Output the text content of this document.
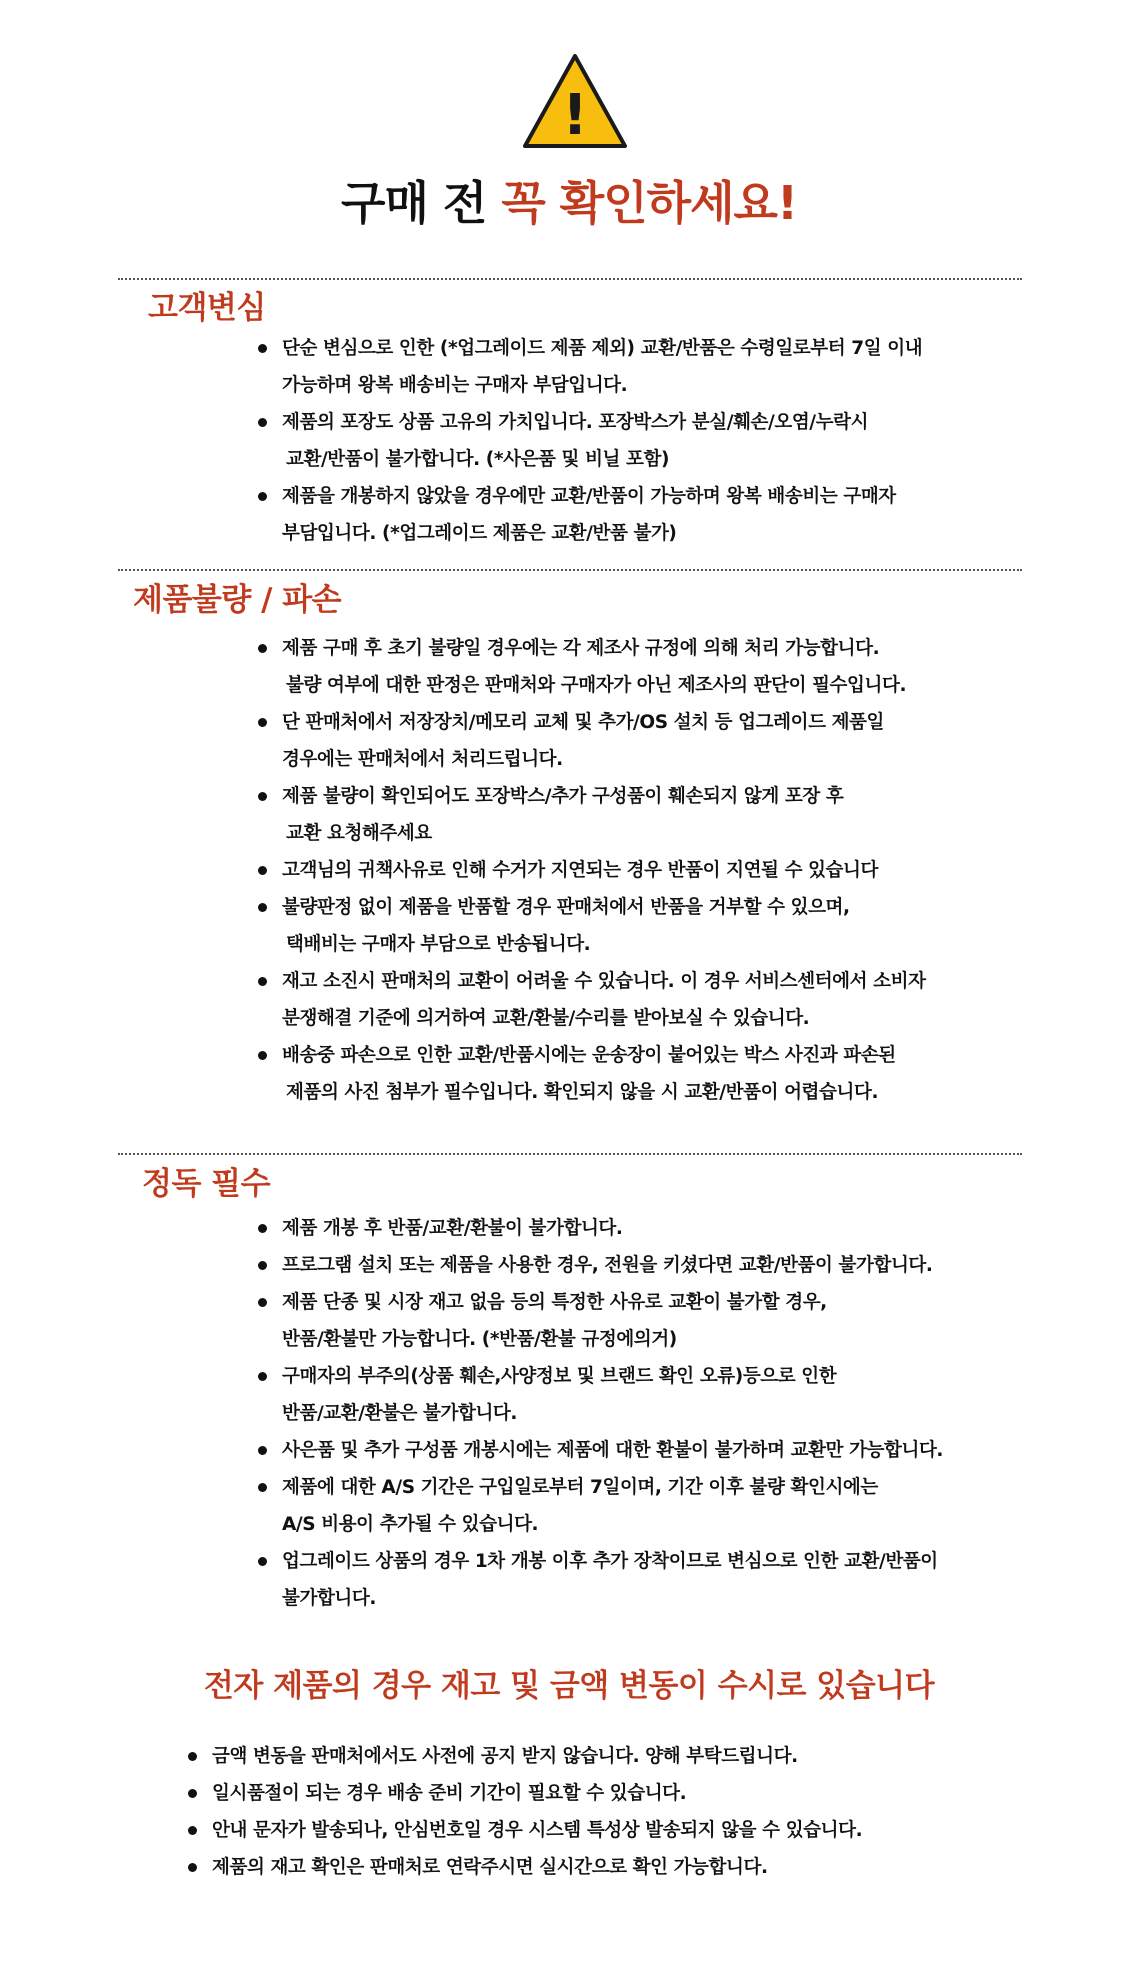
!
구매 전 꼭 확인하세요!
고객변심
단순 변심으로 인한 (*업그레이드 제품 제외) 교환/반품은 수령일로부터 7일 이내
가능하며 왕복 배송비는 구매자 부담입니다.
제품의 포장도 상품 고유의 가치입니다. 포장박스가 분실/훼손/오염/누락시
교환/반품이 불가합니다. (*사은품 및 비닐 포함)
제품을 개봉하지 않았을 경우에만 교환/반품이 가능하며 왕복 배송비는 구매자
부담입니다. (*업그레이드 제품은 교환/반품 불가)
제품불량 / 파손
제품 구매 후 초기 불량일 경우에는 각 제조사 규정에 의해 처리 가능합니다.
불량 여부에 대한 판정은 판매처와 구매자가 아닌 제조사의 판단이 필수입니다.
단 판매처에서 저장장치/메모리 교체 및 추가/OS 설치 등 업그레이드 제품일
경우에는 판매처에서 처리드립니다.
제품 불량이 확인되어도 포장박스/추가 구성품이 훼손되지 않게 포장 후
교환 요청해주세요
고객님의 귀책사유로 인해 수거가 지연되는 경우 반품이 지연될 수 있습니다
불량판정 없이 제품을 반품할 경우 판매처에서 반품을 거부할 수 있으며,
택배비는 구매자 부담으로 반송됩니다.
재고 소진시 판매처의 교환이 어려울 수 있습니다. 이 경우 서비스센터에서 소비자
분쟁해결 기준에 의거하여 교환/환불/수리를 받아보실 수 있습니다.
배송중 파손으로 인한 교환/반품시에는 운송장이 붙어있는 박스 사진과 파손된
제품의 사진 첨부가 필수입니다. 확인되지 않을 시 교환/반품이 어렵습니다.
정독 필수
제품 개봉 후 반품/교환/환불이 불가합니다.
프로그램 설치 또는 제품을 사용한 경우, 전원을 키셨다면 교환/반품이 불가합니다.
제품 단종 및 시장 재고 없음 등의 특정한 사유로 교환이 불가할 경우,
반품/환불만 가능합니다. (*반품/환불 규정에의거)
구매자의 부주의(상품 훼손,사양정보 및 브랜드 확인 오류)등으로 인한
반품/교환/환불은 불가합니다.
사은품 및 추가 구성품 개봉시에는 제품에 대한 환불이 불가하며 교환만 가능합니다.
제품에 대한 A/S 기간은 구입일로부터 7일이며, 기간 이후 불량 확인시에는
A/S 비용이 추가될 수 있습니다.
업그레이드 상품의 경우 1차 개봉 이후 추가 장착이므로 변심으로 인한 교환/반품이
불가합니다.
전자 제품의 경우 재고 및 금액 변동이 수시로 있습니다
금액 변동을 판매처에서도 사전에 공지 받지 않습니다. 양해 부탁드립니다.
일시품절이 되는 경우 배송 준비 기간이 필요할 수 있습니다.
안내 문자가 발송되나, 안심번호일 경우 시스템 특성상 발송되지 않을 수 있습니다.
제품의 재고 확인은 판매처로 연락주시면 실시간으로 확인 가능합니다.
